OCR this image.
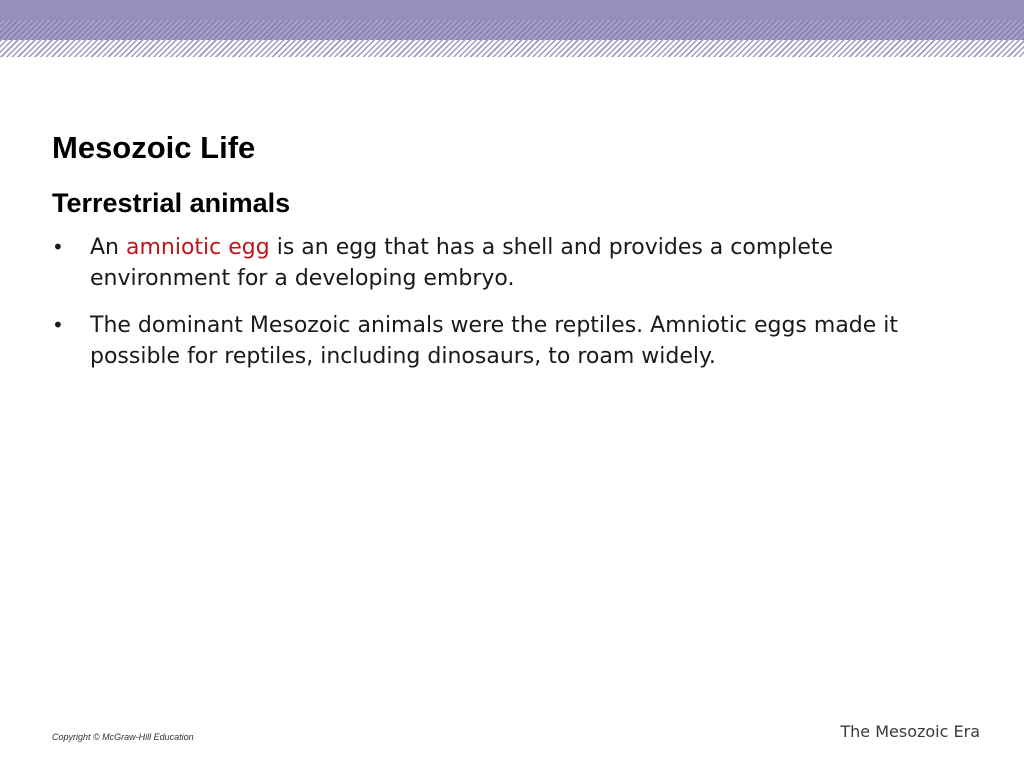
Mesozoic Life
Terrestrial animals
• An amniotic egg is an egg that has a shell and provides a complete environment for a developing embryo.
• The dominant Mesozoic animals were the reptiles. Amniotic eggs made it possible for reptiles, including dinosaurs, to roam widely.
Copyright © McGraw-Hill Education	The Mesozoic Era
